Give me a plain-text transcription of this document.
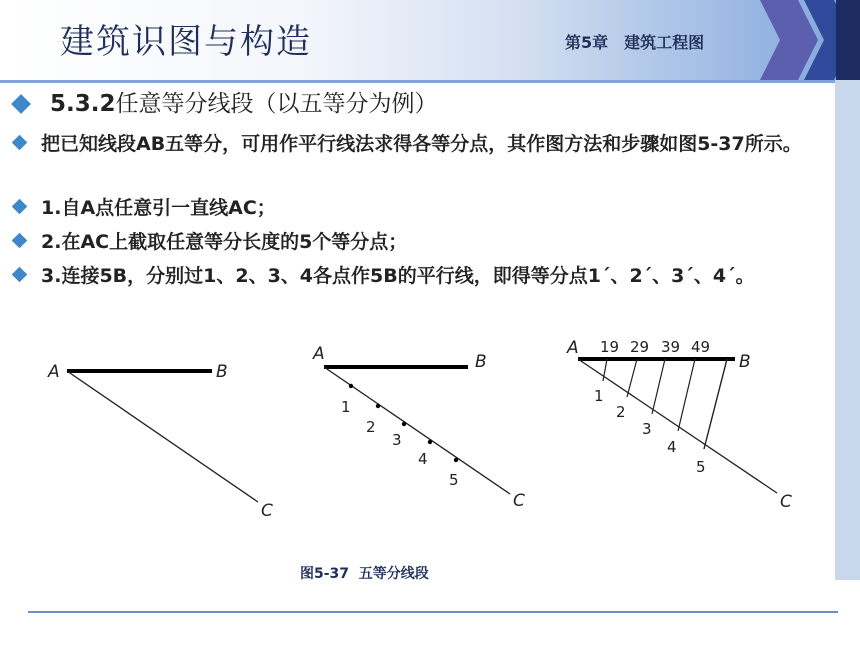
建筑识图与构造	第5章　建筑工程图
5.3.2任意等分线段（以五等分为例）
把已知线段AB五等分，可用作平行线法求得各等分点，其作图方法和步骤如图5-37所示。
1.自A点任意引一直线AC；
2.在AC上截取任意等分长度的5个等分点；
3.连接5B，分别过1、2、3、4各点作5B的平行线，即得等分点1´、2´、3´、4´。
A	B
C
A	B
C
1
2
3
4
5
A
B
C
19 29 39 49
1
2
3
4
5
图5-37  五等分线段
